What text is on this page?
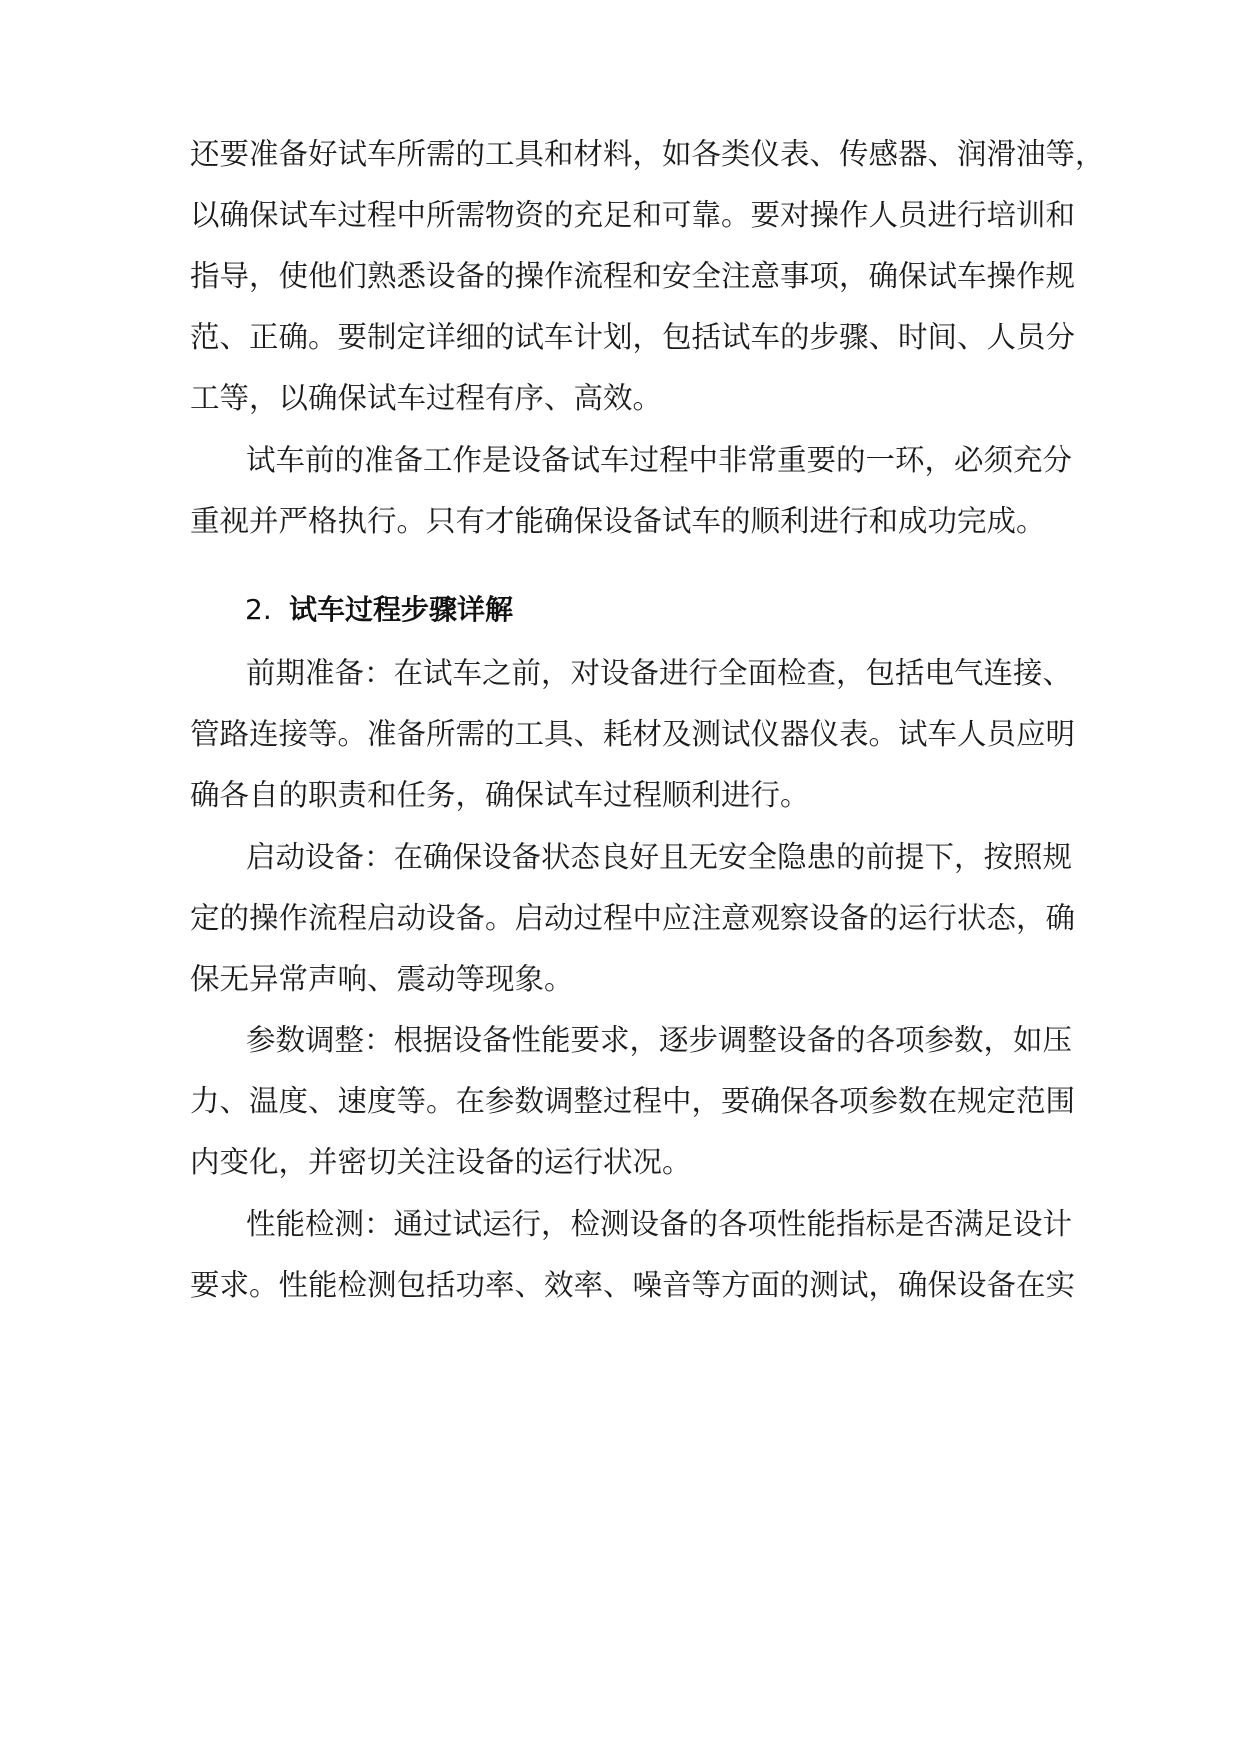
还要准备好试车所需的工具和材料，如各类仪表、传感器、润滑油等，
以确保试车过程中所需物资的充足和可靠。要对操作人员进行培训和
指导，使他们熟悉设备的操作流程和安全注意事项，确保试车操作规
范、正确。要制定详细的试车计划，包括试车的步骤、时间、人员分
工等，以确保试车过程有序、高效。
试车前的准备工作是设备试车过程中非常重要的一环，必须充分
重视并严格执行。只有才能确保设备试车的顺利进行和成功完成。
前期准备：在试车之前，对设备进行全面检查，包括电气连接、
管路连接等。准备所需的工具、耗材及测试仪器仪表。试车人员应明
确各自的职责和任务，确保试车过程顺利进行。
启动设备：在确保设备状态良好且无安全隐患的前提下，按照规
定的操作流程启动设备。启动过程中应注意观察设备的运行状态，确
保无异常声响、震动等现象。
参数调整：根据设备性能要求，逐步调整设备的各项参数，如压
力、温度、速度等。在参数调整过程中，要确保各项参数在规定范围
内变化，并密切关注设备的运行状况。
性能检测：通过试运行，检测设备的各项性能指标是否满足设计
要求。性能检测包括功率、效率、噪音等方面的测试，确保设备在实
2. 试车过程步骤详解
